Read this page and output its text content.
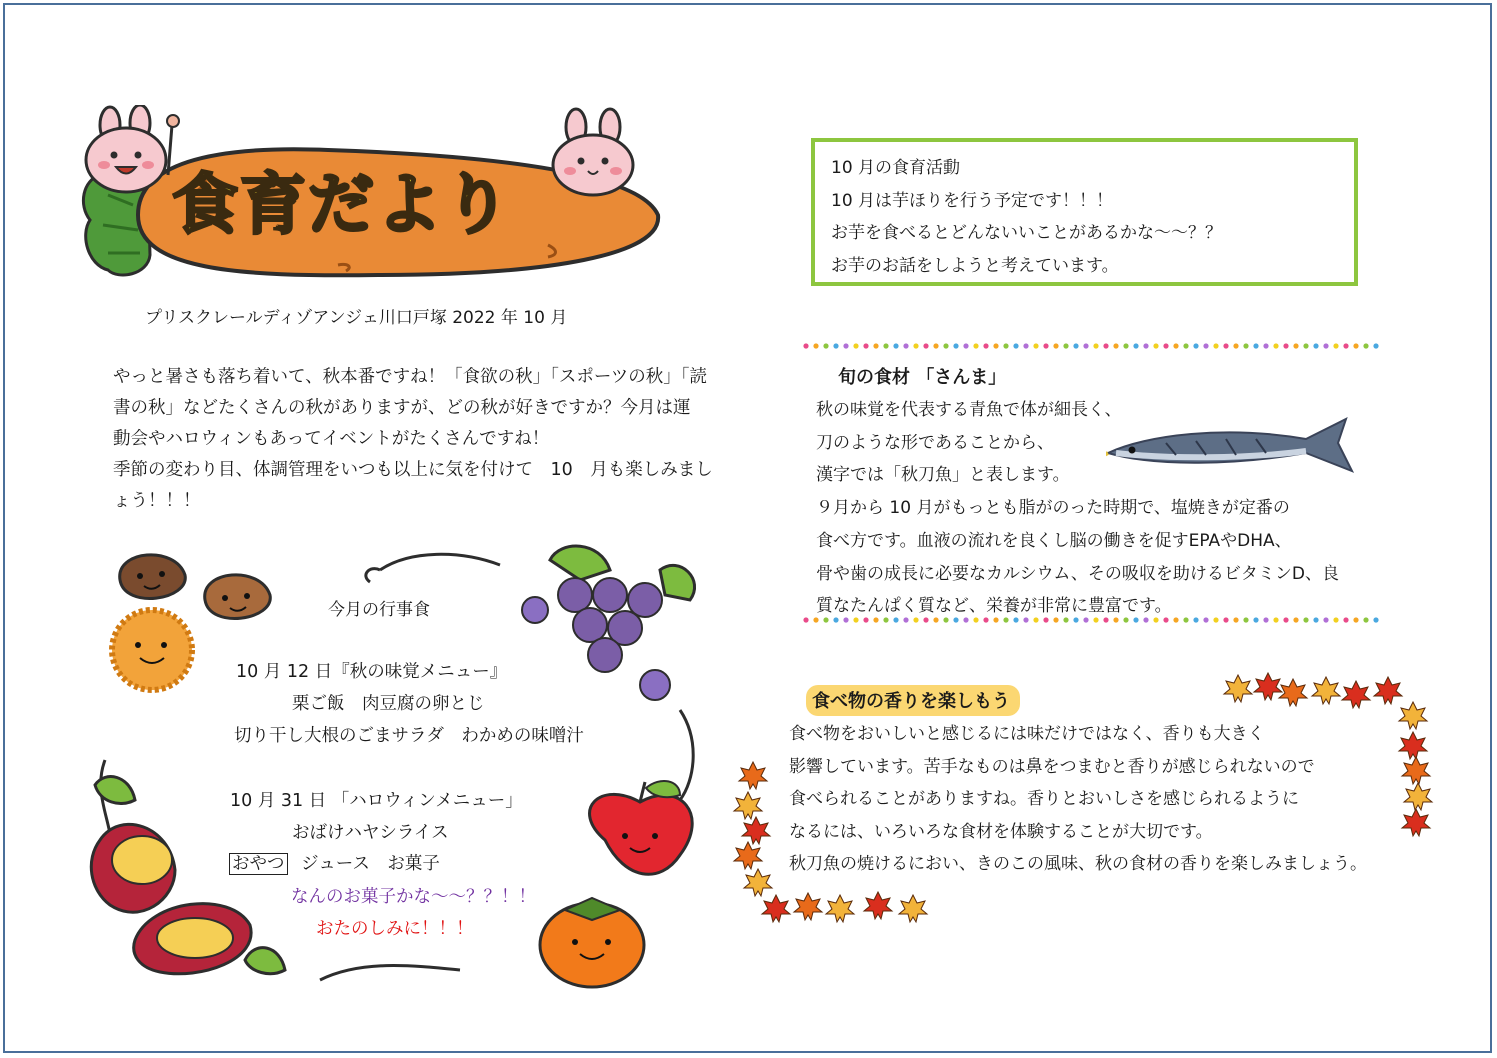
食育だより
プリスクレールディゾアンジェ川口戸塚 2022 年 10 月
やっと暑さも落ち着いて、秋本番ですね！「食欲の秋」「スポーツの秋」「読
書の秋」などたくさんの秋がありますが、どの秋が好きですか？今月は運
動会やハロウィンもあってイベントがたくさんですね！
季節の変わり目、体調管理をいつも以上に気を付けて　10　月も楽しみまし
ょう！！！
10 月の食育活動
10 月は芋ほりを行う予定です！！！
お芋を食べるとどんないいことがあるかな～～？？
お芋のお話をしようと考えています。
旬の食材 「さんま」
秋の味覚を代表する青魚で体が細長く、
刀のような形であることから、
漢字では「秋刀魚」と表します。
９月から 10 月がもっとも脂がのった時期で、塩焼きが定番の
食べ方です。血液の流れを良くし脳の働きを促すEPAやDHA、
骨や歯の成長に必要なカルシウム、その吸収を助けるビタミンD、良
質なたんぱく質など、栄養が非常に豊富です。
食べ物の香りを楽しもう
食べ物をおいしいと感じるには味だけではなく、香りも大きく
影響しています。苦手なものは鼻をつまむと香りが感じられないので
食べられることがありますね。香りとおいしさを感じられるように
なるには、いろいろな食材を体験することが大切です。
秋刀魚の焼けるにおい、きのこの風味、秋の食材の香りを楽しみましょう。
今月の行事食
10 月 12 日『秋の味覚メニュー』
栗ご飯　肉豆腐の卵とじ
切り干し大根のごまサラダ　わかめの味噌汁
10 月 31 日 「ハロウィンメニュー」
おばけハヤシライス
おやつ ジュース　お菓子
なんのお菓子かな～～？？！！
おたのしみに！！！
